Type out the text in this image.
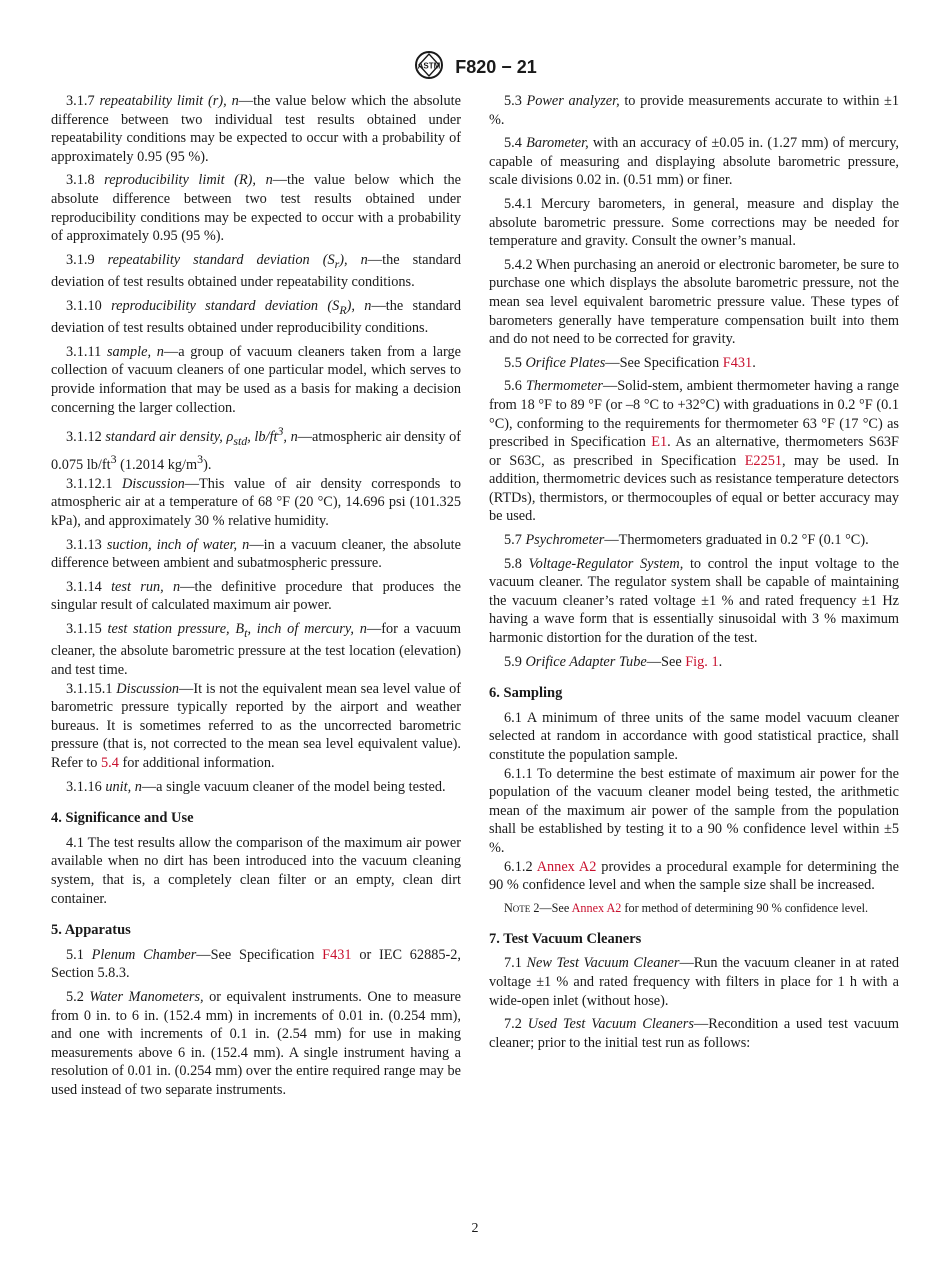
ASTM F820 − 21

3.1.7 repeatability limit (r), n—the value below which the absolute difference between two individual test results obtained under repeatability conditions may be expected to occur with a probability of approximately 0.95 (95 %).

3.1.8 reproducibility limit (R), n—the value below which the absolute difference between two test results obtained under reproducibility conditions may be expected to occur with a probability of approximately 0.95 (95 %).

3.1.9 repeatability standard deviation $(S_r)$, n—the standard deviation of test results obtained under repeatability conditions.

3.1.10 reproducibility standard deviation $(S_R)$, n—the standard deviation of test results obtained under reproducibility conditions.

3.1.11 sample, n—a group of vacuum cleaners taken from a large collection of vacuum cleaners of one particular model, which serves to provide information that may be used as a basis for making a decision concerning the larger collection.

3.1.12 standard air density, $\rho_{std}$, $lb/ft^3$, n—atmospheric air density of 0.075 $lb/ft^3$ (1.2014 $kg/m^3$).

3.1.12.1 Discussion—This value of air density corresponds to atmospheric air at a temperature of 68 °F (20 °C), 14.696 psi (101.325 kPa), and approximately 30 % relative humidity.

3.1.13 suction, inch of water, n—in a vacuum cleaner, the absolute difference between ambient and subatmospheric pressure.

3.1.14 test run, n—the definitive procedure that produces the singular result of calculated maximum air power.

3.1.15 test station pressure, $B_t$, inch of mercury, n—for a vacuum cleaner, the absolute barometric pressure at the test location (elevation) and test time.

3.1.15.1 Discussion—It is not the equivalent mean sea level value of barometric pressure typically reported by the airport and weather bureaus. It is sometimes referred to as the uncorrected barometric pressure (that is, not corrected to the mean sea level equivalent value). Refer to 5.4 for additional information.

3.1.16 unit, n—a single vacuum cleaner of the model being tested.

4. Significance and Use

4.1 The test results allow the comparison of the maximum air power available when no dirt has been introduced into the vacuum cleaning system, that is, a completely clean filter or an empty, clean dirt container.

5. Apparatus

5.1 Plenum Chamber—See Specification F431 or IEC 62885-2, Section 5.8.3.

5.2 Water Manometers, or equivalent instruments. One to measure from 0 in. to 6 in. (152.4 mm) in increments of 0.01 in. (0.254 mm), and one with increments of 0.1 in. (2.54 mm) for use in making measurements above 6 in. (152.4 mm). A single instrument having a resolution of 0.01 in. (0.254 mm) over the entire required range may be used instead of two separate instruments.

5.3 Power analyzer, to provide measurements accurate to within ±1 %.

5.4 Barometer, with an accuracy of ±0.05 in. (1.27 mm) of mercury, capable of measuring and displaying absolute barometric pressure, scale divisions 0.02 in. (0.51 mm) or finer.

5.4.1 Mercury barometers, in general, measure and display the absolute barometric pressure. Some corrections may be needed for temperature and gravity. Consult the owner’s manual.

5.4.2 When purchasing an aneroid or electronic barometer, be sure to purchase one which displays the absolute barometric pressure, not the mean sea level equivalent barometric pressure value. These types of barometers generally have temperature compensation built into them and do not need to be corrected for gravity.

5.5 Orifice Plates—See Specification F431.

5.6 Thermometer—Solid-stem, ambient thermometer having a range from 18 °F to 89 °F (or –8 °C to +32°C) with graduations in 0.2 °F (0.1 °C), conforming to the requirements for thermometer 63 °F (17 °C) as prescribed in Specification E1. As an alternative, thermometers S63F or S63C, as prescribed in Specification E2251, may be used. In addition, thermometric devices such as resistance temperature detectors (RTDs), thermistors, or thermocouples of equal or better accuracy may be used.

5.7 Psychrometer—Thermometers graduated in 0.2 °F (0.1 °C).

5.8 Voltage-Regulator System, to control the input voltage to the vacuum cleaner. The regulator system shall be capable of maintaining the vacuum cleaner’s rated voltage ±1 % and rated frequency ±1 Hz having a wave form that is essentially sinusoidal with 3 % maximum harmonic distortion for the duration of the test.

5.9 Orifice Adapter Tube—See Fig. 1.

6. Sampling

6.1 A minimum of three units of the same model vacuum cleaner selected at random in accordance with good statistical practice, shall constitute the population sample.

6.1.1 To determine the best estimate of maximum air power for the population of the vacuum cleaner model being tested, the arithmetic mean of the maximum air power of the sample from the population shall be established by testing it to a 90 % confidence level within ±5 %.

6.1.2 Annex A2 provides a procedural example for determining the 90 % confidence level and when the sample size shall be increased.

Note 2—See Annex A2 for method of determining 90 % confidence level.

7. Test Vacuum Cleaners

7.1 New Test Vacuum Cleaner—Run the vacuum cleaner in at rated voltage ±1 % and rated frequency with filters in place for 1 h with a wide-open inlet (without hose).

7.2 Used Test Vacuum Cleaners—Recondition a used test vacuum cleaner; prior to the initial test run as follows:

2
